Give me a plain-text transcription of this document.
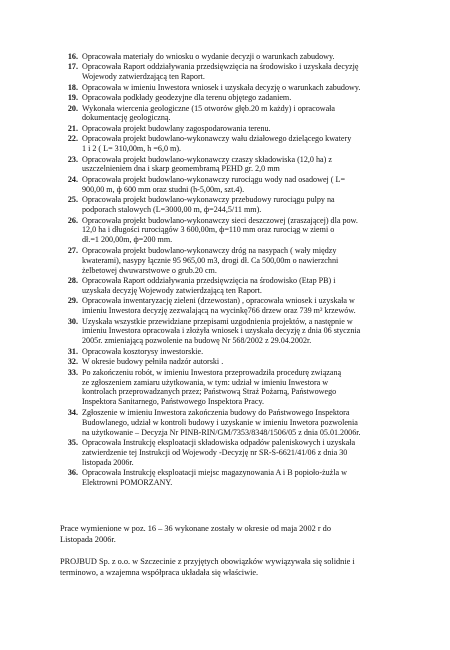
16. Opracowała materiały do wniosku o wydanie decyzji o warunkach zabudowy.
17. Opracowała Raport oddziaływania przedsięwzięcia na środowisko i uzyskała decyzję
Wojewody zatwierdzającą ten Raport.
18. Opracowała w imieniu Inwestora wniosek i uzyskała decyzję o warunkach zabudowy.
19. Opracowała podkłady geodezyjne dla terenu objętego zadaniem.
20. Wykonała wiercenia geologiczne (15 otworów głęb.20 m każdy) i opracowała
dokumentację geologiczną.
21. Opracowała projekt budowlany zagospodarowania terenu.
22. Opracowała projekt budowlano-wykonawczy wału działowego dzielącego kwatery
1 i 2 ( L= 310,00m, h =6,0 m).
23. Opracowała projekt budowlano-wykonawczy czaszy składowiska (12,0 ha) z
uszczelnieniem dna i skarp geomembramą PEHD gr. 2,0 mm
24. Opracowała projekt budowlano-wykonawczy rurociągu wody nad osadowej ( L=
900,00 m, ф 600 mm oraz studni (h-5,00m, szt.4).
25. Opracowała projekt budowlano-wykonawczy przebudowy rurociągu pulpy na
podporach stalowych (L=3000,00 m, ф=244,5/11 mm).
26. Opracowała projekt budowlano-wykonawczy sieci deszczowej (zraszającej) dla pow.
12,0 ha i długości rurociągów 3 600,00m, ф=110 mm oraz rurociąg w ziemi o
dł.=1 200,00m, ф=200 mm.
27. Opracowała projekt budowlano-wykonawczy dróg na nasypach ( wały między
kwaterami), nasypy łącznie 95 965,00 m3, drogi dł. Ca 500,00m o nawierzchni
żelbetowej dwuwarstwowe o grub.20 cm.
28. Opracowała Raport oddziaływania przedsięwzięcia na środowisko (Etap PB) i
uzyskała decyzję Wojewody zatwierdzającą ten Raport.
29. Opracowała inwentaryzację zieleni (drzewostan) , opracowała wniosek i uzyskała w
imieniu Inwestora decyzję zezwalającą na wycinkę766 drzew oraz 739 m² krzewów.
30. Uzyskała wszystkie przewidziane przepisami uzgodnienia projektów, a następnie w
imieniu Inwestora opracowała i złożyła wniosek i uzyskała decyzję z dnia 06 stycznia
2005r. zmieniającą pozwolenie na budowę Nr 568/2002 z 29.04.2002r.
31. Opracowała kosztorysy inwestorskie.
32. W okresie budowy pełniła nadzór autorski .
33. Po zakończeniu robót, w imieniu Inwestora przeprowadziła procedurę związaną
ze zgłoszeniem zamiaru użytkowania, w tym: udział w imieniu Inwestora w
kontrolach przeprowadzanych przez; Państwową Straż Pożarną, Państwowego
Inspektora Sanitarnego, Państwowego Inspektora Pracy.
34. Zgłoszenie w imieniu Inwestora zakończenia budowy do Państwowego Inspektora
Budowlanego, udział w kontroli budowy i uzyskanie w imieniu Inwetora pozwolenia
na użytkowanie – Decyzja Nr PINB-RIN/GM/7353/8348/1506/05 z dnia 05.01.2006r.
35. Opracowała Instrukcję eksploatacji składowiska odpadów paleniskowych i uzyskała
zatwierdzenie tej Instrukcji od Wojewody -Decyzję nr SR-S-6621/41/06 z dnia 30
listopada 2006r.
36. Opracowała Instrukcję eksploatacji miejsc magazynowania A i B popioło-żużla w
Elektrowni POMORZANY.
Prace wymienione w poz. 16 – 36 wykonane zostały w okresie od maja 2002 r do
Listopada 2006r.
PROJBUD Sp. z o.o. w Szczecinie z przyjętych obowiązków wywiązywała się solidnie i
terminowo, a wzajemna współpraca układała się właściwie.
